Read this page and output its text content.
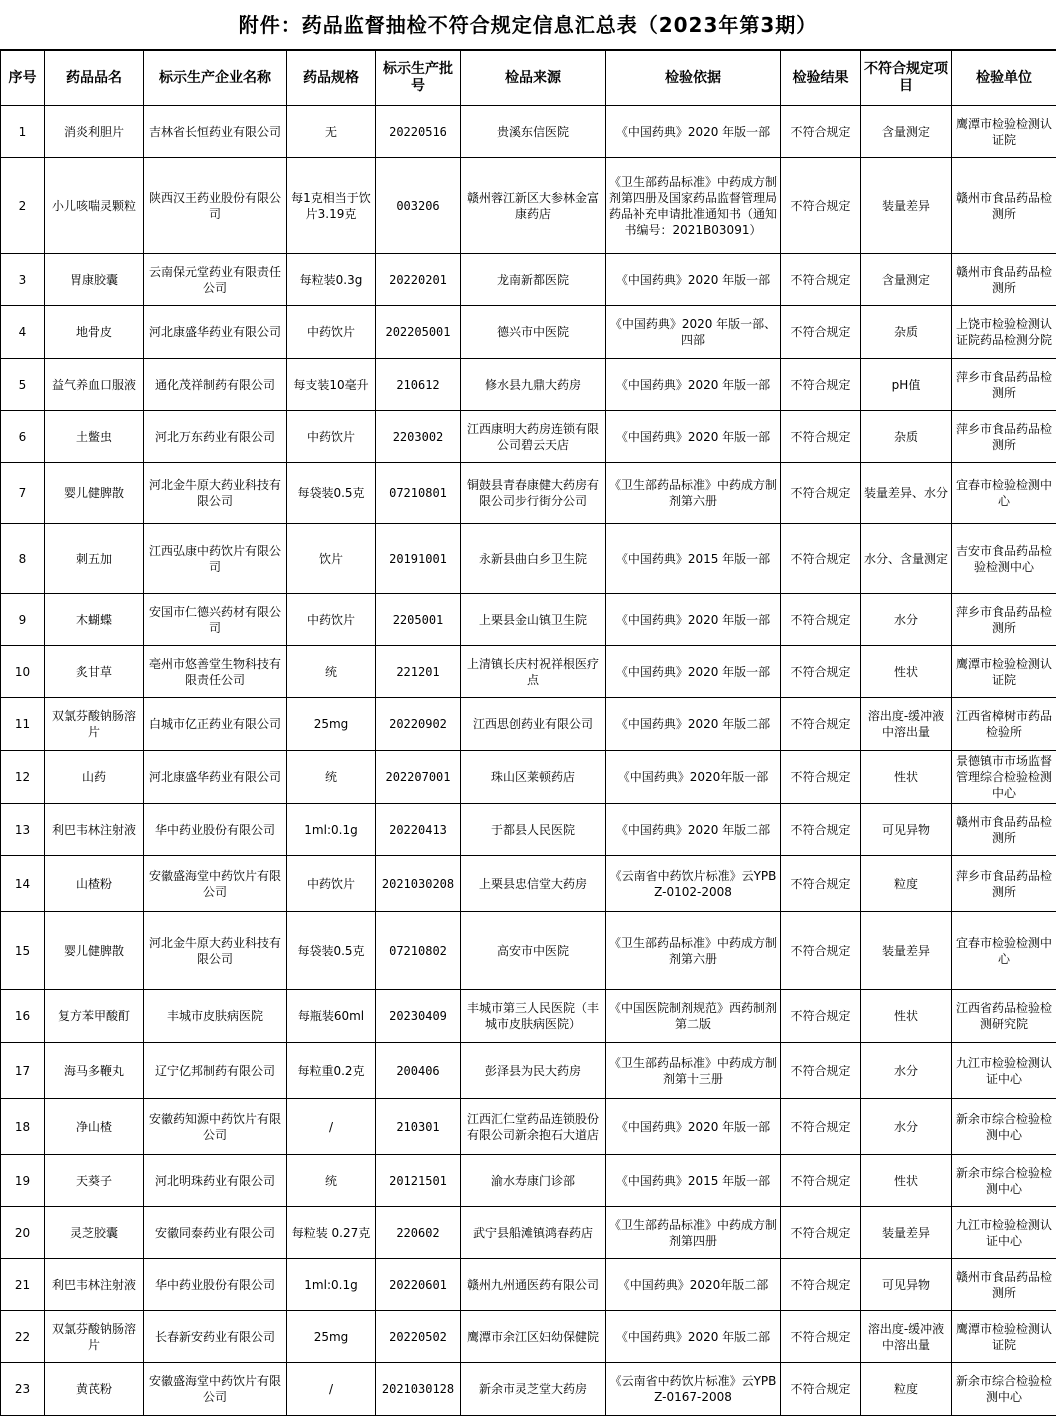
附件：药品监督抽检不符合规定信息汇总表（2023年第3期）
序号	药品品名	标示生产企业名称	药品规格	标示生产批号	检品来源	检验依据	检验结果	不符合规定项目	检验单位
1	消炎利胆片	吉林省长恒药业有限公司	无	20220516	贵溪东信医院	《中国药典》2020 年版一部	不符合规定	含量测定	鹰潭市检验检测认证院
2	小儿咳喘灵颗粒	陕西汉王药业股份有限公司	每1克相当于饮片3.19克	003206	赣州蓉江新区大参林金富康药店	《卫生部药品标准》中药成方制剂第四册及国家药品监督管理局药品补充申请批准通知书（通知书编号：2021B03091）	不符合规定	装量差异	赣州市食品药品检测所
3	胃康胶囊	云南保元堂药业有限责任公司	每粒装0.3g	20220201	龙南新都医院	《中国药典》2020 年版一部	不符合规定	含量测定	赣州市食品药品检测所
4	地骨皮	河北康盛华药业有限公司	中药饮片	202205001	德兴市中医院	《中国药典》2020 年版一部、四部	不符合规定	杂质	上饶市检验检测认证院药品检测分院
5	益气养血口服液	通化茂祥制药有限公司	每支装10毫升	210612	修水县九鼎大药房	《中国药典》2020 年版一部	不符合规定	pH值	萍乡市食品药品检测所
6	土鳖虫	河北万东药业有限公司	中药饮片	2203002	江西康明大药房连锁有限公司碧云天店	《中国药典》2020 年版一部	不符合规定	杂质	萍乡市食品药品检测所
7	婴儿健脾散	河北金牛原大药业科技有限公司	每袋装0.5克	07210801	铜鼓县青春康健大药房有限公司步行街分公司	《卫生部药品标准》中药成方制剂第六册	不符合规定	装量差异、水分	宜春市检验检测中心
8	刺五加	江西弘康中药饮片有限公司	饮片	20191001	永新县曲白乡卫生院	《中国药典》2015 年版一部	不符合规定	水分、含量测定	吉安市食品药品检验检测中心
9	木蝴蝶	安国市仁德兴药材有限公司	中药饮片	2205001	上栗县金山镇卫生院	《中国药典》2020 年版一部	不符合规定	水分	萍乡市食品药品检测所
10	炙甘草	亳州市悠善堂生物科技有限责任公司	统	221201	上清镇长庆村祝祥根医疗点	《中国药典》2020 年版一部	不符合规定	性状	鹰潭市检验检测认证院
11	双氯芬酸钠肠溶片	白城市亿正药业有限公司	25mg	20220902	江西思创药业有限公司	《中国药典》2020 年版二部	不符合规定	溶出度-缓冲液中溶出量	江西省樟树市药品检验所
12	山药	河北康盛华药业有限公司	统	202207001	珠山区莱顿药店	《中国药典》2020年版一部	不符合规定	性状	景德镇市市场监督管理综合检验检测中心
13	利巴韦林注射液	华中药业股份有限公司	1ml:0.1g	20220413	于都县人民医院	《中国药典》2020 年版二部	不符合规定	可见异物	赣州市食品药品检测所
14	山楂粉	安徽盛海堂中药饮片有限公司	中药饮片	2021030208	上栗县忠信堂大药房	《云南省中药饮片标准》云YPBZ-0102-2008	不符合规定	粒度	萍乡市食品药品检测所
15	婴儿健脾散	河北金牛原大药业科技有限公司	每袋装0.5克	07210802	高安市中医院	《卫生部药品标准》中药成方制剂第六册	不符合规定	装量差异	宜春市检验检测中心
16	复方苯甲酸酊	丰城市皮肤病医院	每瓶装60ml	20230409	丰城市第三人民医院（丰城市皮肤病医院）	《中国医院制剂规范》西药制剂第二版	不符合规定	性状	江西省药品检验检测研究院
17	海马多鞭丸	辽宁亿邦制药有限公司	每粒重0.2克	200406	彭泽县为民大药房	《卫生部药品标准》中药成方制剂第十三册	不符合规定	水分	九江市检验检测认证中心
18	净山楂	安徽药知源中药饮片有限公司	/	210301	江西汇仁堂药品连锁股份有限公司新余抱石大道店	《中国药典》2020 年版一部	不符合规定	水分	新余市综合检验检测中心
19	天葵子	河北明珠药业有限公司	统	20121501	渝水寿康门诊部	《中国药典》2015 年版一部	不符合规定	性状	新余市综合检验检测中心
20	灵芝胶囊	安徽同泰药业有限公司	每粒装 0.27克	220602	武宁县船滩镇鸿春药店	《卫生部药品标准》中药成方制剂第四册	不符合规定	装量差异	九江市检验检测认证中心
21	利巴韦林注射液	华中药业股份有限公司	1ml:0.1g	20220601	赣州九州通医药有限公司	《中国药典》2020年版二部	不符合规定	可见异物	赣州市食品药品检测所
22	双氯芬酸钠肠溶片	长春新安药业有限公司	25mg	20220502	鹰潭市余江区妇幼保健院	《中国药典》2020 年版二部	不符合规定	溶出度-缓冲液中溶出量	鹰潭市检验检测认证院
23	黄芪粉	安徽盛海堂中药饮片有限公司	/	2021030128	新余市灵芝堂大药房	《云南省中药饮片标准》云YPBZ-0167-2008	不符合规定	粒度	新余市综合检验检测中心
